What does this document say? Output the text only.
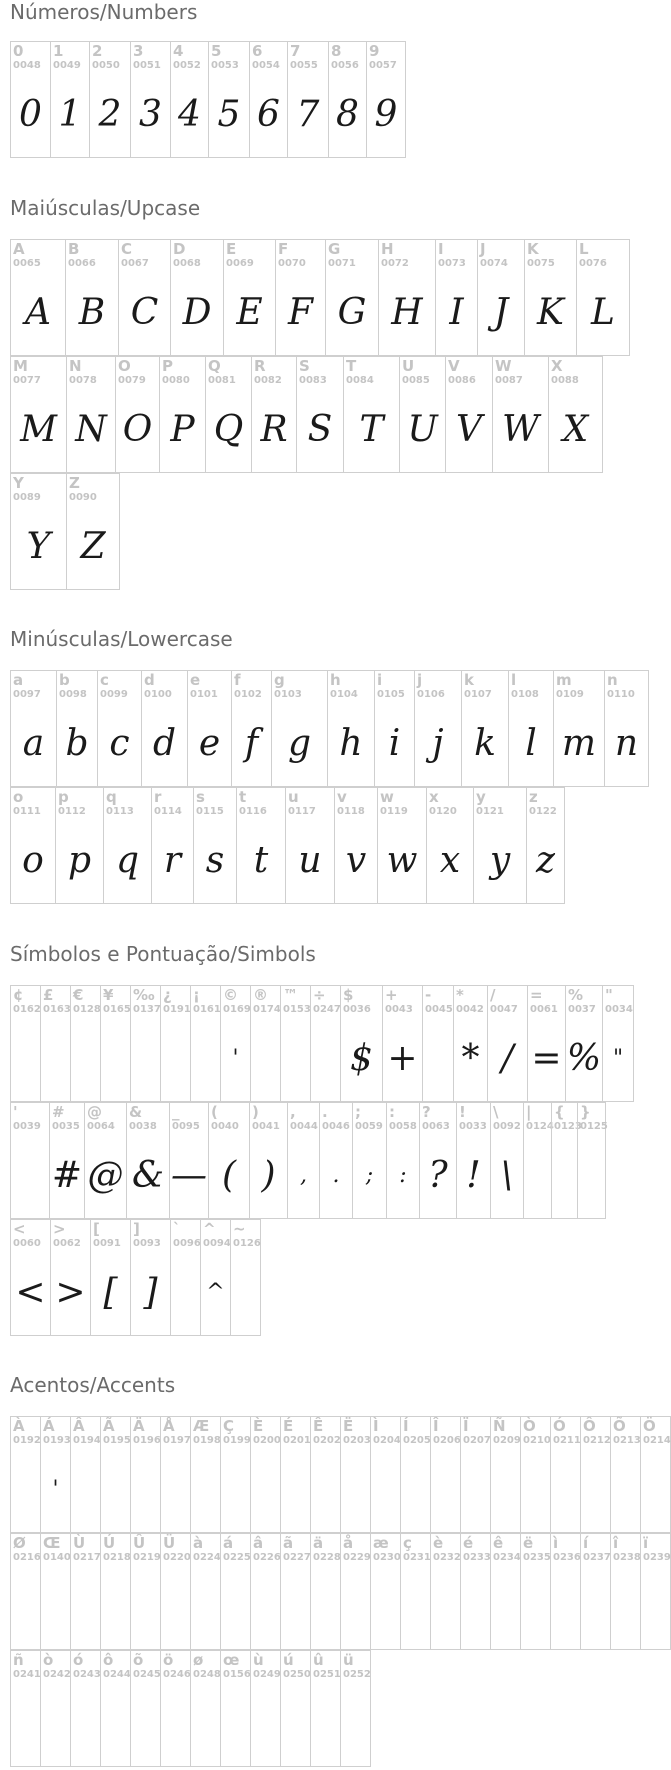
Números/Numbers
0
0048
0
1
0049
1
2
0050
2
3
0051
3
4
0052
4
5
0053
5
6
0054
6
7
0055
7
8
0056
8
9
0057
9
Maiúsculas/Upcase
A
0065
A
B
0066
B
C
0067
C
D
0068
D
E
0069
E
F
0070
F
G
0071
G
H
0072
H
I
0073
I
J
0074
J
K
0075
K
L
0076
L
M
0077
M
N
0078
N
O
0079
O
P
0080
P
Q
0081
Q
R
0082
R
S
0083
S
T
0084
T
U
0085
U
V
0086
V
W
0087
W
X
0088
X
Y
0089
Y
Z
0090
Z
Minúsculas/Lowercase
a
0097
a
b
0098
b
c
0099
c
d
0100
d
e
0101
e
f
0102
f
g
0103
g
h
0104
h
i
0105
i
j
0106
j
k
0107
k
l
0108
l
m
0109
m
n
0110
n
o
0111
o
p
0112
p
q
0113
q
r
0114
r
s
0115
s
t
0116
t
u
0117
u
v
0118
v
w
0119
w
x
0120
x
y
0121
y
z
0122
z
Símbolos e Pontuação/Simbols
¢
0162
£
0163
€
0128
¥
0165
‰
0137
¿
0191
¡
0161
©
0169
'
®
0174
™
0153
÷
0247
$
0036
$
+
0043
+
-
0045
*
0042
*
/
0047
/
=
0061
=
%
0037
%
"
0034
"
'
0039
#
0035
#
@
0064
@
&
0038
&
_
0095
—
(
0040
(
)
0041
)
,
0044
,
.
0046
.
;
0059
;
:
0058
:
?
0063
?
!
0033
!
\
0092
\
|
0124
{
0123
}
0125
<
0060
<
>
0062
>
[
0091
[
]
0093
]
`
0096
^
0094
^
~
0126
Acentos/Accents
À
0192
Á
0193
'
Â
0194
Ã
0195
Ä
0196
Å
0197
Æ
0198
Ç
0199
È
0200
É
0201
Ê
0202
Ë
0203
Ì
0204
Í
0205
Î
0206
Ï
0207
Ñ
0209
Ò
0210
Ó
0211
Ô
0212
Õ
0213
Ö
0214
Ø
0216
Œ
0140
Ù
0217
Ú
0218
Û
0219
Ü
0220
à
0224
á
0225
â
0226
ã
0227
ä
0228
å
0229
æ
0230
ç
0231
è
0232
é
0233
ê
0234
ë
0235
ì
0236
í
0237
î
0238
ï
0239
ñ
0241
ò
0242
ó
0243
ô
0244
õ
0245
ö
0246
ø
0248
œ
0156
ù
0249
ú
0250
û
0251
ü
0252
